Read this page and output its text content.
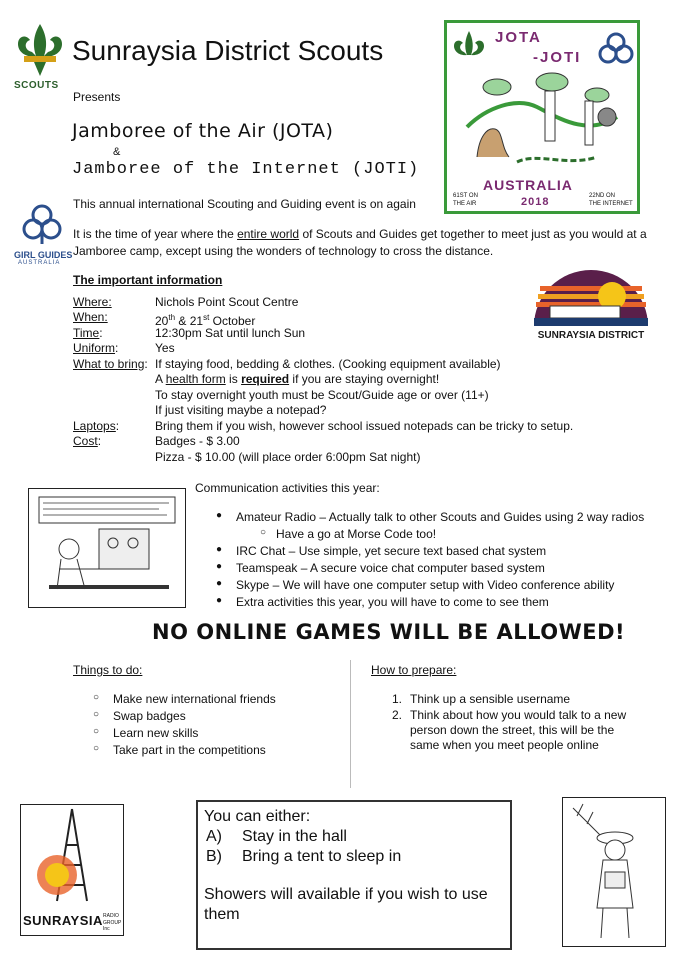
SCOUTS
Sunraysia District Scouts
Presents
Jamboree of the Air (JOTA)
&
Jamboree of the Internet (JOTI)
This annual international Scouting and Guiding event is on again
JOTA
-JOTI
AUSTRALIA
2018
61ST ON
THE AIR
22ND ON
THE INTERNET
GIRL GUIDES
AUSTRALIA
It is the time of year where the entire world of Scouts and Guides get together to meet just as you would at a Jamboree camp, except using the wonders of technology to cross the distance.
The important information
Where:	Nichols Point Scout Centre
When:	20th & 21st October
Time:	12:30pm Sat until lunch Sun
Uniform:	Yes
What to bring: If staying food, bedding & clothes. (Cooking equipment available)
A health form is required if you are staying overnight!
To stay overnight youth must be Scout/Guide age or over (11+)
If just visiting maybe a notepad?
Laptops:	Bring them if you wish, however school issued notepads can be tricky to setup.
Cost:	Badges - $ 3.00
Pizza - $ 10.00 (will place order 6:00pm Sat night)
SUNRAYSIA DISTRICT
Communication activities this year:
● Amateur Radio – Actually talk to other Scouts and Guides using 2 way radios
○ Have a go at Morse Code too!
● IRC Chat – Use simple, yet secure text based chat system
● Teamspeak – A secure voice chat computer based system
● Skype – We will have one computer setup with Video conference ability
● Extra activities this year, you will have to come to see them
NO ONLINE GAMES WILL BE ALLOWED!
Things to do:
○ Make new international friends
○ Swap badges
○ Learn new skills
○ Take part in the competitions
How to prepare:
1. Think up a sensible username
2. Think about how you would talk to a new person down the street, this will be the same when you meet people online
SUNRAYSIA RADIO
GROUP Inc
You can either:
A) Stay in the hall
B) Bring a tent to sleep in
Showers will available if you wish to use them
